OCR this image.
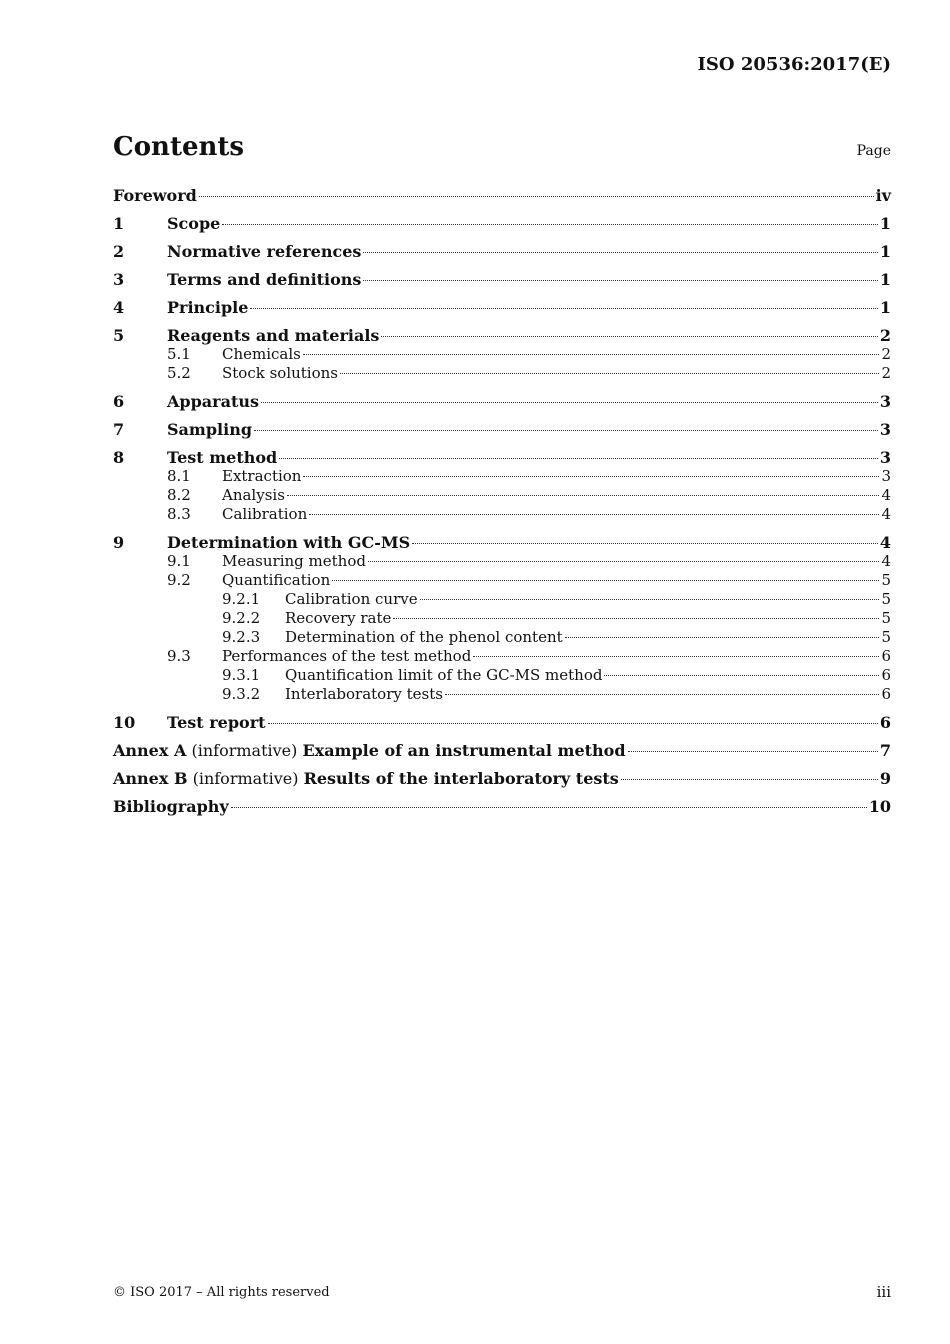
ISO 20536:2017(E)
Contents	Page
Foreword	iv
1	Scope	1
2	Normative references	1
3	Terms and definitions	1
4	Principle	1
5	Reagents and materials	2
5.1	Chemicals	2
5.2	Stock solutions	2
6	Apparatus	3
7	Sampling	3
8	Test method	3
8.1	Extraction	3
8.2	Analysis	4
8.3	Calibration	4
9	Determination with GC-MS	4
9.1	Measuring method	4
9.2	Quantification	5
9.2.1	Calibration curve	5
9.2.2	Recovery rate	5
9.2.3	Determination of the phenol content	5
9.3	Performances of the test method	6
9.3.1	Quantification limit of the GC-MS method	6
9.3.2	Interlaboratory tests	6
10	Test report	6
Annex A (informative) Example of an instrumental method	7
Annex B (informative) Results of the interlaboratory tests	9
Bibliography	10
© ISO 2017 – All rights reserved	iii
